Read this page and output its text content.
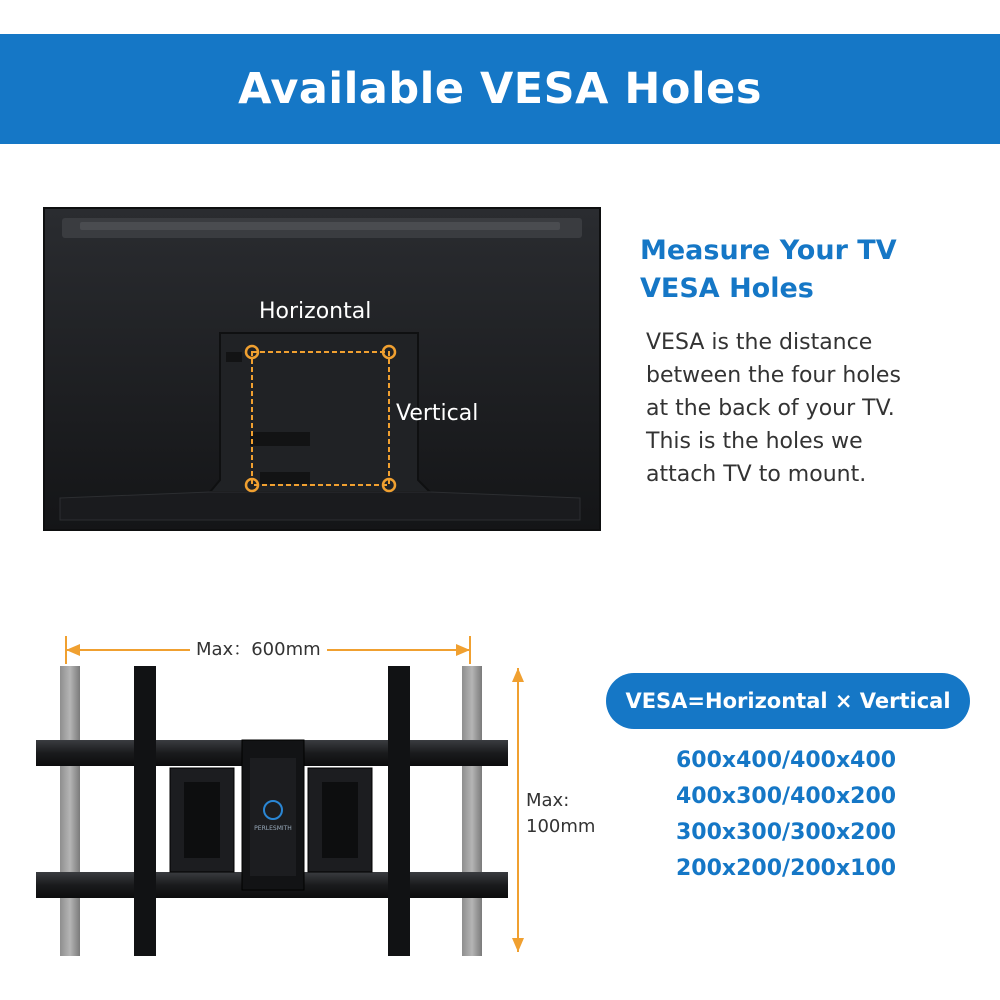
Available VESA Holes
PERLESMITH
Horizontal
Vertical
Measure Your TV
VESA Holes
VESA is the distance
between the four holes
at the back of your TV.
This is the holes we
attach TV to mount.
Max：600mm
Max:
100mm
VESA=Horizontal × Vertical
600x400/400x400
400x300/400x200
300x300/300x200
200x200/200x100
